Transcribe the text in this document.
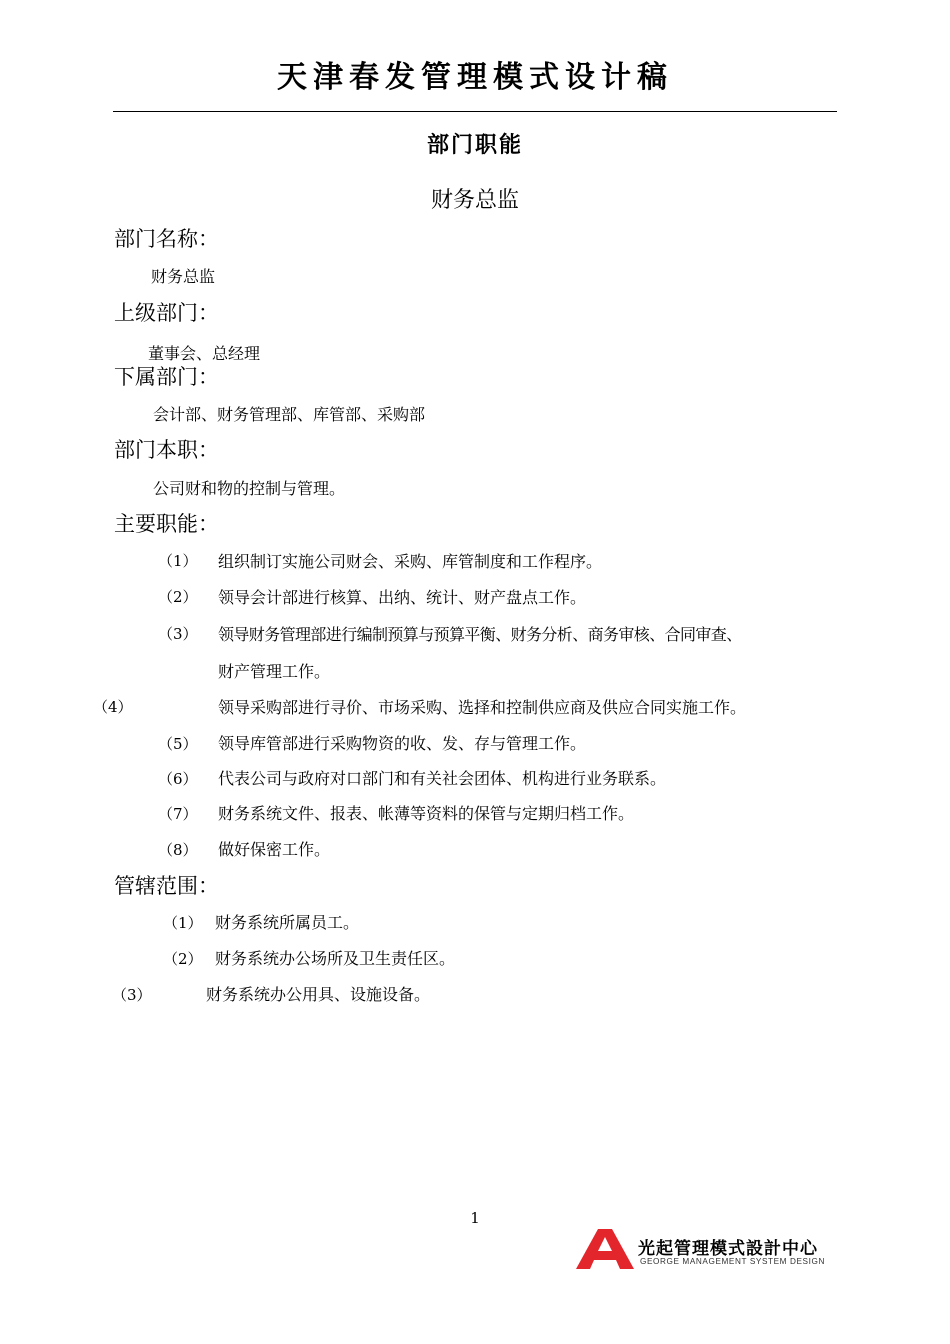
天津春发管理模式设计稿
部门职能
财务总监
部门名称：
财务总监
上级部门：
董事会、总经理
下属部门：
会计部、财务管理部、库管部、采购部
部门本职：
公司财和物的控制与管理。
主要职能：
（1） 组织制订实施公司财会、采购、库管制度和工作程序。
（2） 领导会计部进行核算、出纳、统计、财产盘点工作。
（3） 领导财务管理部进行编制预算与预算平衡、财务分析、商务审核、合同审查、
财产管理工作。
（4）	领导采购部进行寻价、市场采购、选择和控制供应商及供应合同实施工作。
（5） 领导库管部进行采购物资的收、发、存与管理工作。
（6） 代表公司与政府对口部门和有关社会团体、机构进行业务联系。
（7） 财务系统文件、报表、帐薄等资料的保管与定期归档工作。
（8） 做好保密工作。
管辖范围：
（1） 财务系统所属员工。
（2） 财务系统办公场所及卫生责任区。
（3）	财务系统办公用具、设施设备。
1
光起管理模式設計中心
GEORGE MANAGEMENT SYSTEM DESIGN
